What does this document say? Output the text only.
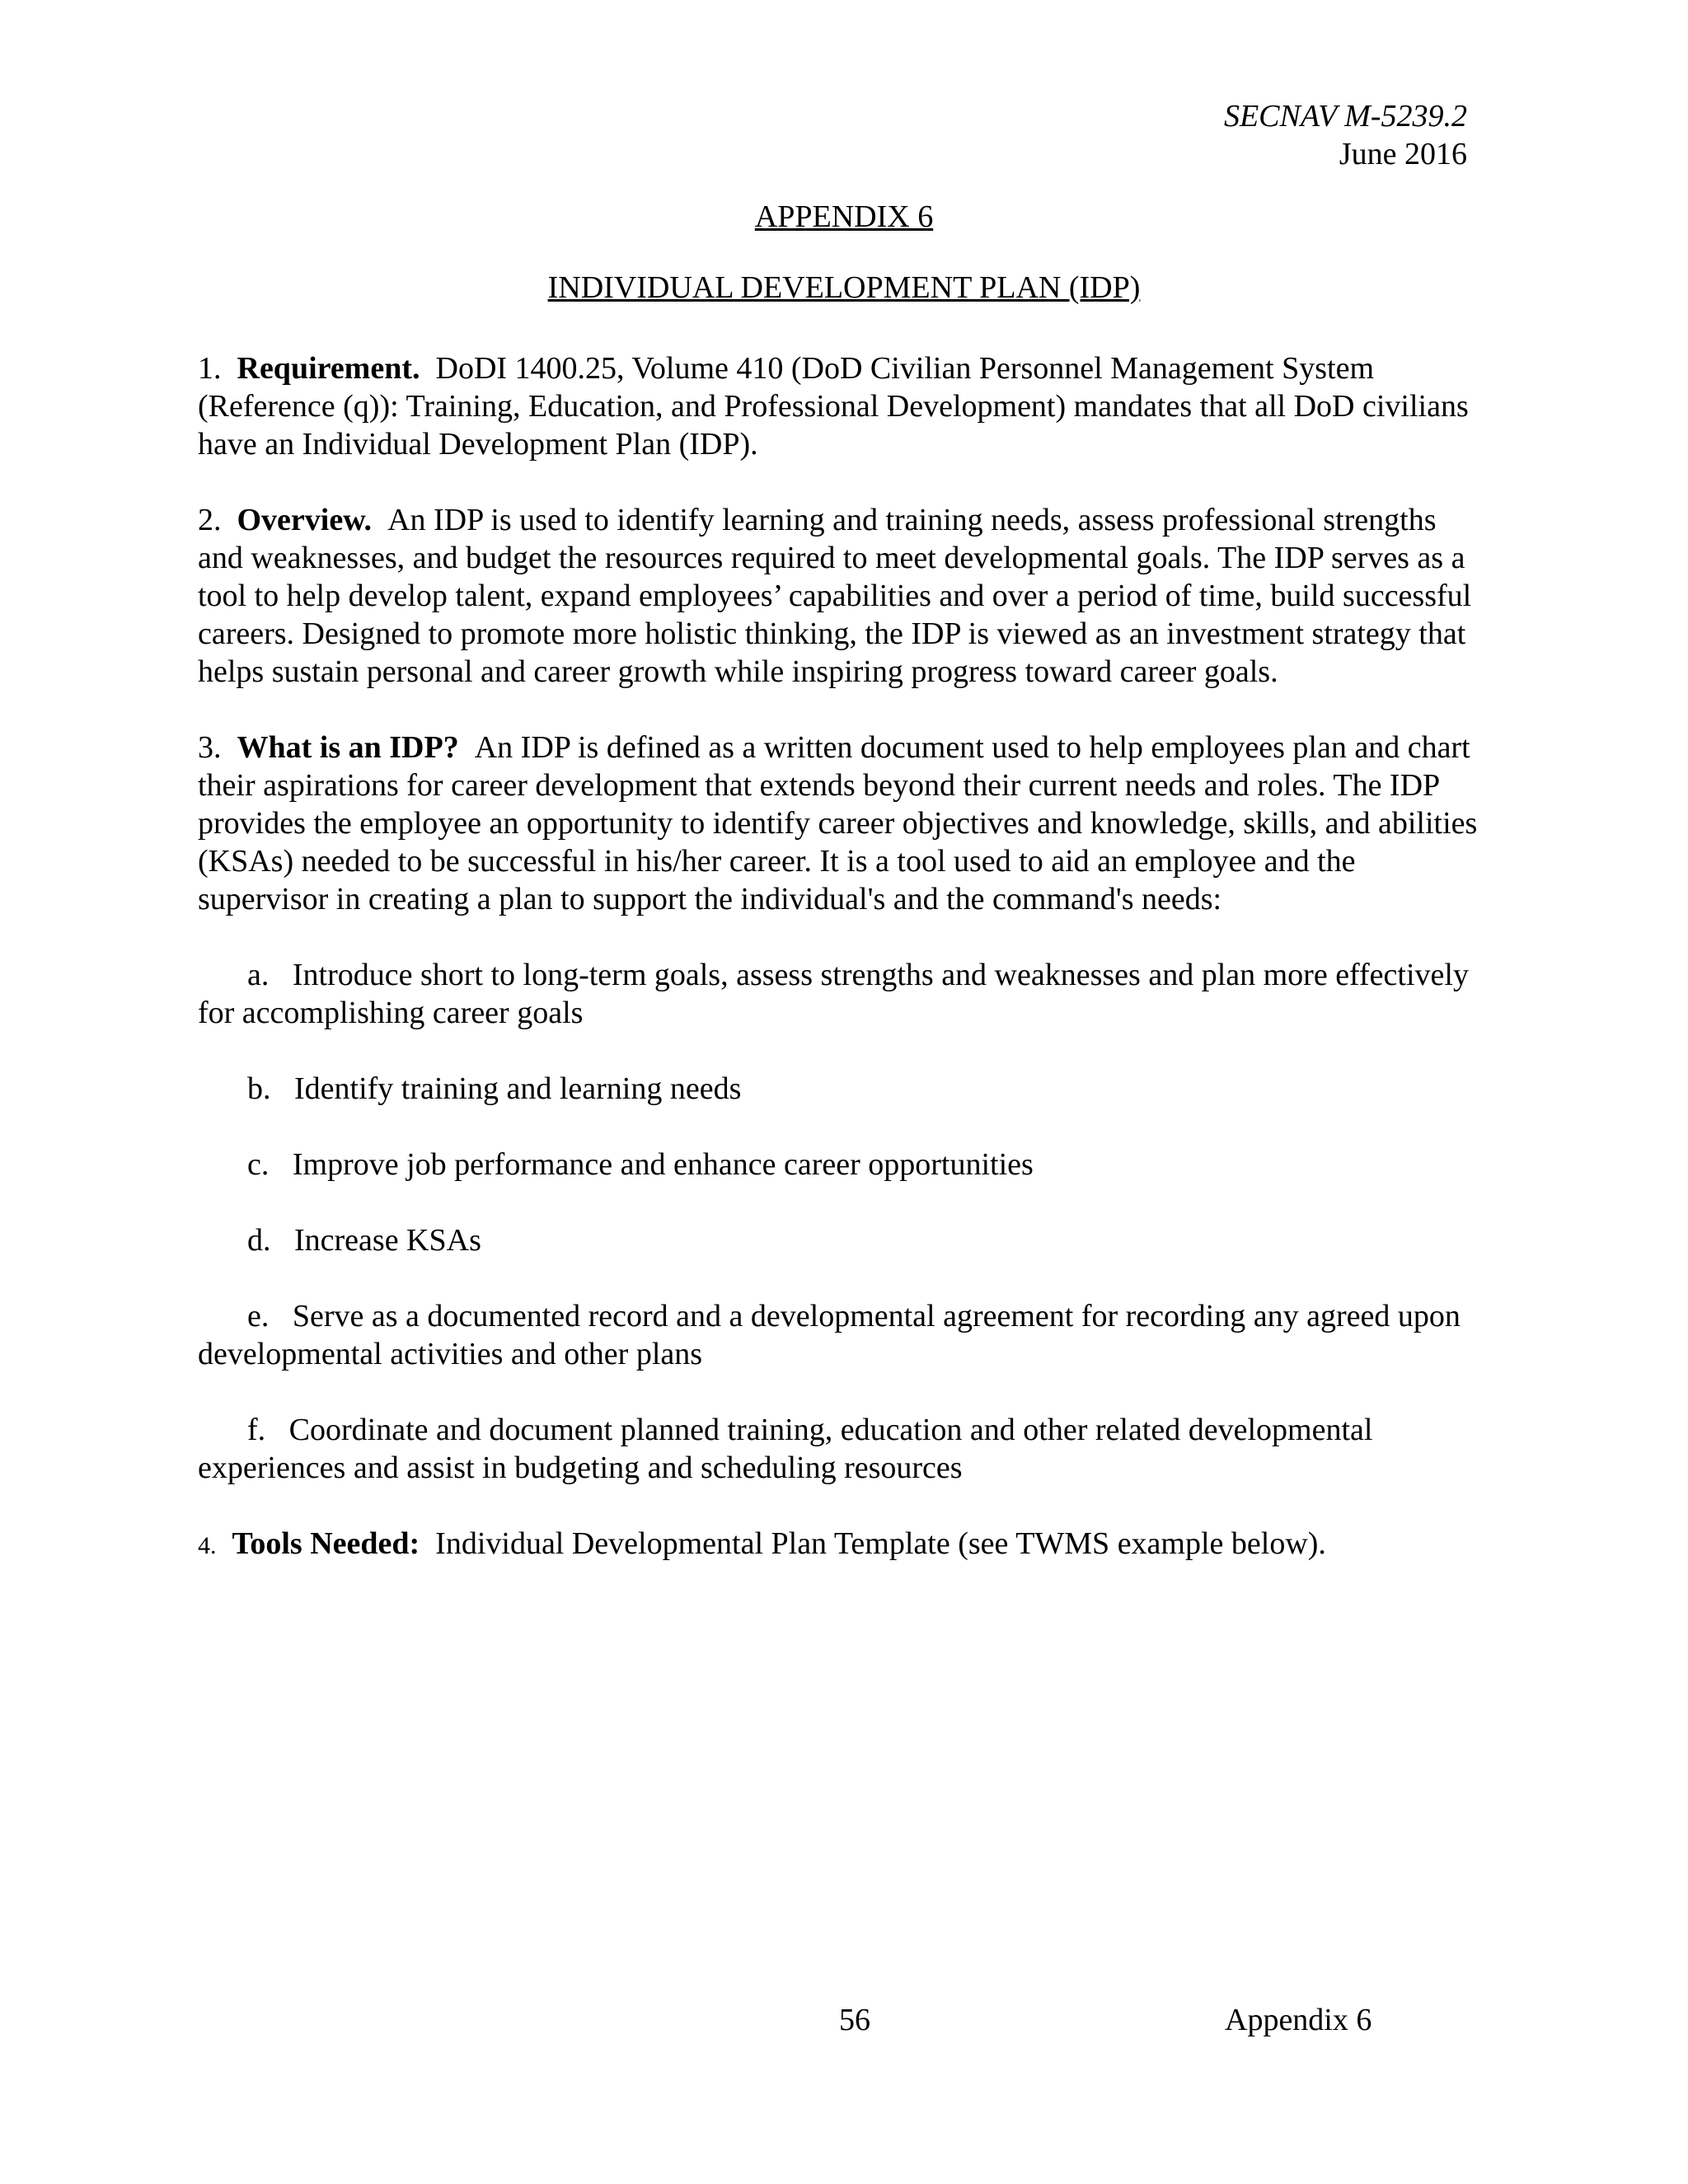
SECNAV M-5239.2
June 2016
APPENDIX 6
INDIVIDUAL DEVELOPMENT PLAN (IDP)

1. Requirement. DoDI 1400.25, Volume 410 (DoD Civilian Personnel Management System (Reference (q)): Training, Education, and Professional Development) mandates that all DoD civilians have an Individual Development Plan (IDP).

2. Overview. An IDP is used to identify learning and training needs, assess professional strengths and weaknesses, and budget the resources required to meet developmental goals. The IDP serves as a tool to help develop talent, expand employees’ capabilities and over a period of time, build successful careers. Designed to promote more holistic thinking, the IDP is viewed as an investment strategy that helps sustain personal and career growth while inspiring progress toward career goals.

3. What is an IDP? An IDP is defined as a written document used to help employees plan and chart their aspirations for career development that extends beyond their current needs and roles. The IDP provides the employee an opportunity to identify career objectives and knowledge, skills, and abilities (KSAs) needed to be successful in his/her career. It is a tool used to aid an employee and the supervisor in creating a plan to support the individual's and the command's needs:

a. Introduce short to long-term goals, assess strengths and weaknesses and plan more effectively for accomplishing career goals

b. Identify training and learning needs

c. Improve job performance and enhance career opportunities

d. Increase KSAs

e. Serve as a documented record and a developmental agreement for recording any agreed upon developmental activities and other plans

f. Coordinate and document planned training, education and other related developmental experiences and assist in budgeting and scheduling resources

4. Tools Needed: Individual Developmental Plan Template (see TWMS example below).

56	Appendix 6
